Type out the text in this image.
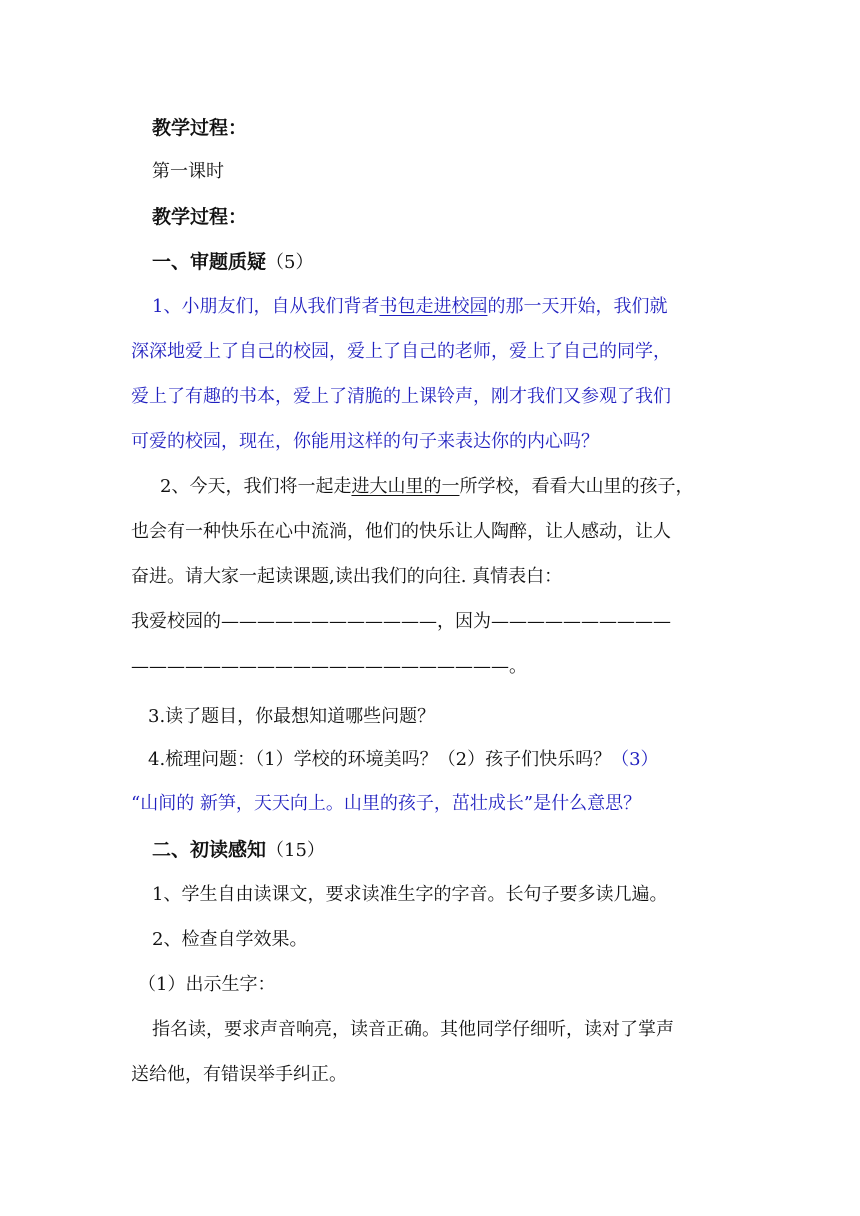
教学过程：
第一课时
教学过程：
一、审题质疑（5）
1、小朋友们，自从我们背者书包走进校园的那一天开始，我们就
深深地爱上了自己的校园，爱上了自己的老师，爱上了自己的同学，
爱上了有趣的书本，爱上了清脆的上课铃声，刚才我们又参观了我们
可爱的校园，现在，你能用这样的句子来表达你的内心吗？
2、今天，我们将一起走进大山里的一所学校，看看大山里的孩子，
也会有一种快乐在心中流淌，他们的快乐让人陶醉，让人感动，让人
奋进。请大家一起读课题,读出我们的向往. 真情表白：
我爱校园的————————————，因为——————————
—————————————————————。
3.读了题目，你最想知道哪些问题？
4.梳理问题：（1）学校的环境美吗？（2）孩子们快乐吗？（3）
“山间的 新笋，天天向上。山里的孩子，茁壮成长”是什么意思？
二、初读感知（15）
1、学生自由读课文，要求读准生字的字音。长句子要多读几遍。
2、检查自学效果。
（1）出示生字：
指名读，要求声音响亮，读音正确。其他同学仔细听，读对了掌声
送给他，有错误举手纠正。
